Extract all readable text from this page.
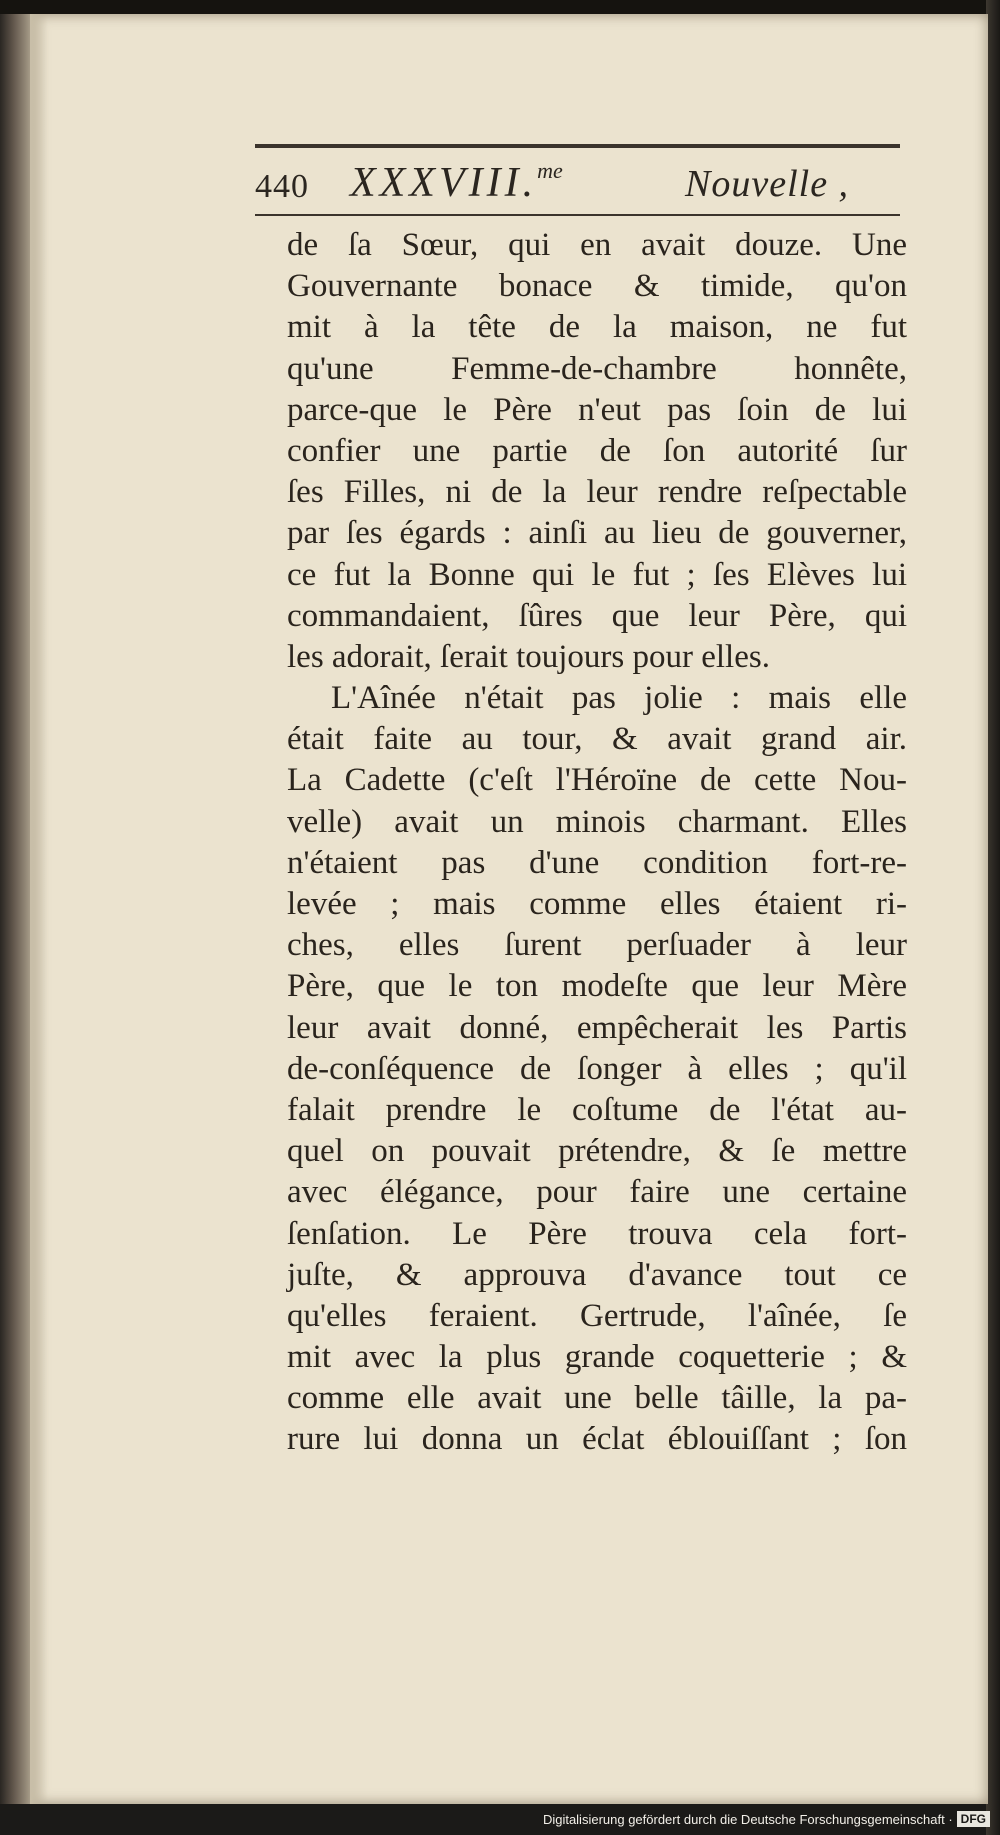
440 XXXVIII.$^{me}$	Nouvelle ,
de ſa Sœur, qui en avait douze. Une
Gouvernante bonace & timide, qu'on
mit à la tête de la maison, ne fut
qu'une Femme-de-chambre honnête,
parce-que le Père n'eut pas ſoin de lui
confier une partie de ſon autorité ſur
ſes Filles, ni de la leur rendre reſpectable
par ſes égards : ainſi au lieu de gouverner,
ce fut la Bonne qui le fut ; ſes Elèves lui
commandaient, ſûres que leur Père, qui
les adorait, ſerait toujours pour elles.
L'Aînée n'était pas jolie : mais elle
était faite au tour, & avait grand air.
La Cadette (c'eſt l'Héroïne de cette Nou-
velle) avait un minois charmant. Elles
n'étaient pas d'une condition fort-re-
levée ; mais comme elles étaient ri-
ches, elles ſurent perſuader à leur
Père, que le ton modeſte que leur Mère
leur avait donné, empêcherait les Partis
de-conſéquence de ſonger à elles ; qu'il
falait prendre le coſtume de l'état au-
quel on pouvait prétendre, & ſe mettre
avec élégance, pour faire une certaine
ſenſation. Le Père trouva cela fort-
juſte, & approuva d'avance tout ce
qu'elles feraient. Gertrude, l'aînée, ſe
mit avec la plus grande coquetterie ; &
comme elle avait une belle tâille, la pa-
rure lui donna un éclat éblouiſſant ; ſon
Digitalisierung gefördert durch die Deutsche Forschungsgemeinschaft · DFG
